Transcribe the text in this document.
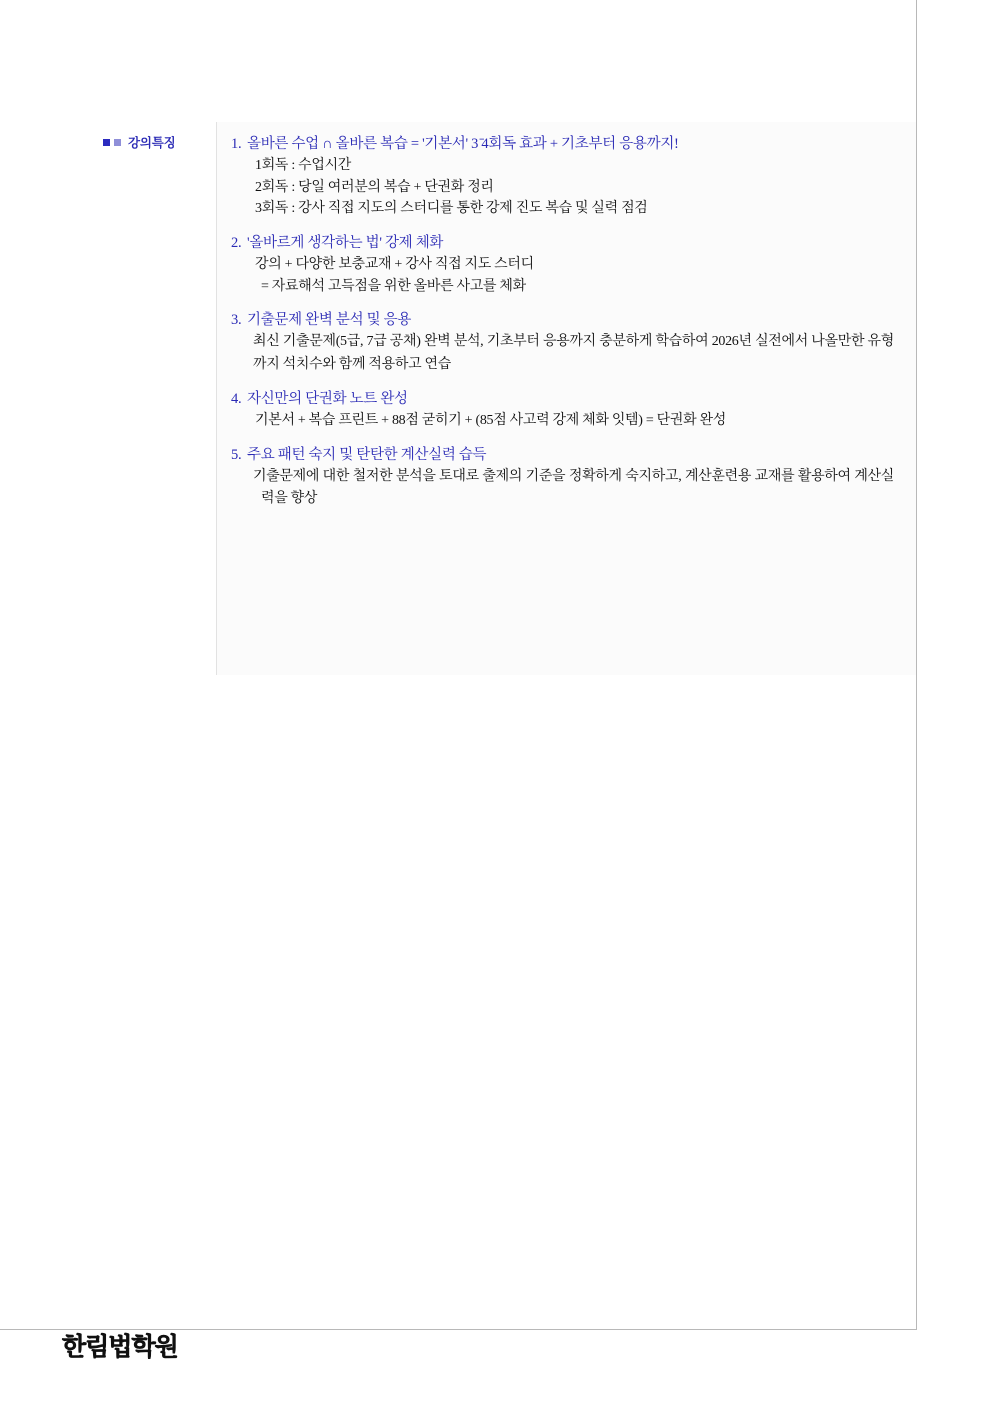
강의특징	1. 올바른 수업 ∩ 올바른 복습 = '기본서' 3 ̄4회독 효과 + 기초부터 응용까지!
1회독 : 수업시간
2회독 : 당일 여러분의 복습 + 단권화 정리
3회독 : 강사 직접 지도의 스터디를 통한 강제 진도 복습 및 실력 점검
2. '올바르게 생각하는 법' 강제 체화
강의 + 다양한 보충교재 + 강사 직접 지도 스터디
= 자료해석 고득점을 위한 올바른 사고를 체화
3. 기출문제 완벽 분석 및 응용
최신 기출문제(5급, 7급 공채) 완벽 분석, 기초부터 응용까지 충분하게 학습하여 2026년 실전에서 나올만한 유형까지 석치수와 함께 적용하고 연습
4. 자신만의 단권화 노트 완성
기본서 + 복습 프린트 + 88점 굳히기 + (85점 사고력 강제 체화 잇템) = 단권화 완성
5. 주요 패턴 숙지 및 탄탄한 계산실력 습득
기출문제에 대한 철저한 분석을 토대로 출제의 기준을 정확하게 숙지하고, 계산훈련용 교재를 활용하여 계산실력을 향상
한림법학원
